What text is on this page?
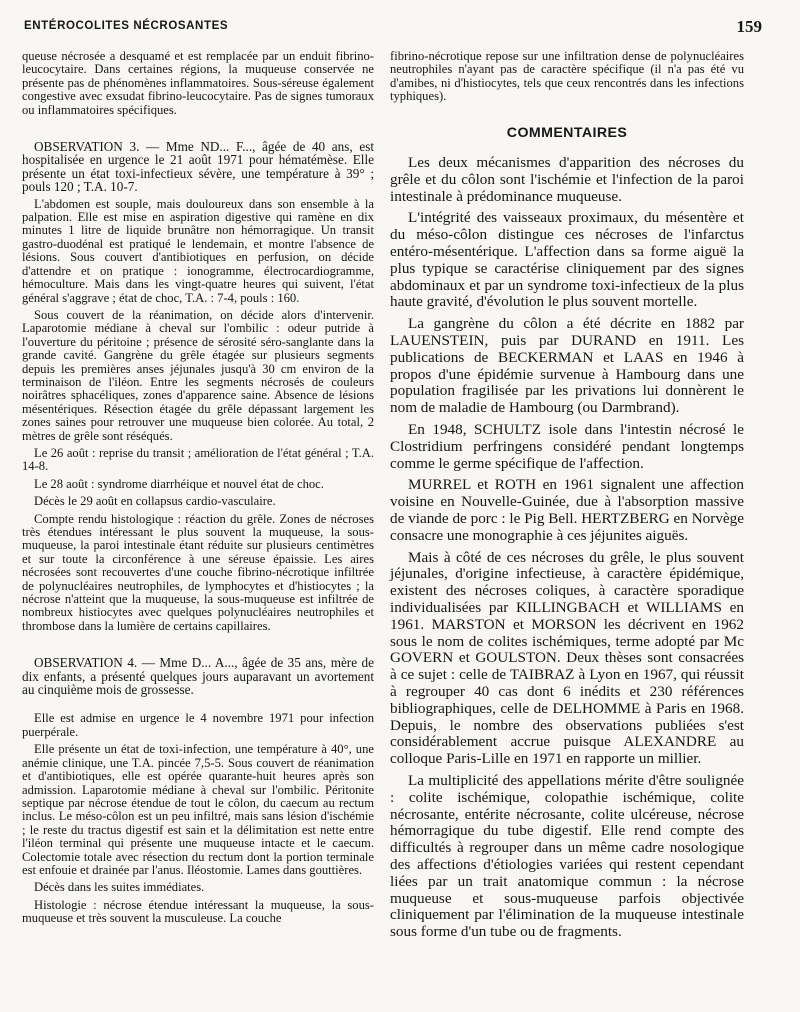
ENTÉROCOLITES NÉCROSANTES	159

queuse nécrosée a desquamé et est remplacée par un enduit fibrino-leucocytaire. Dans certaines régions, la muqueuse conservée ne présente pas de phénomènes inflammatoires. Sous-séreuse également congestive avec exsudat fibrino-leucocytaire. Pas de signes tumoraux ou inflammatoires spécifiques.

OBSERVATION 3. — Mme ND... F..., âgée de 40 ans, est hospitalisée en urgence le 21 août 1971 pour hématémèse. Elle présente un état toxi-infectieux sévère, une température à 39° ; pouls 120 ; T.A. 10-7.

L'abdomen est souple, mais douloureux dans son ensemble à la palpation. Elle est mise en aspiration digestive qui ramène en dix minutes 1 litre de liquide brunâtre non hémorragique. Un transit gastro-duodénal est pratiqué le lendemain, et montre l'absence de lésions. Sous couvert d'antibiotiques en perfusion, on décide d'attendre et on pratique : ionogramme, électrocardiogramme, hémoculture. Mais dans les vingt-quatre heures qui suivent, l'état général s'aggrave ; état de choc, T.A. : 7-4, pouls : 160.

Sous couvert de la réanimation, on décide alors d'intervenir. Laparotomie médiane à cheval sur l'ombilic : odeur putride à l'ouverture du péritoine ; présence de sérosité séro-sanglante dans la grande cavité. Gangrène du grêle étagée sur plusieurs segments depuis les premières anses jéjunales jusqu'à 30 cm environ de la terminaison de l'iléon. Entre les segments nécrosés de couleurs noirâtres sphacéliques, zones d'apparence saine. Absence de lésions mésentériques. Résection étagée du grêle dépassant largement les zones saines pour retrouver une muqueuse bien colorée. Au total, 2 mètres de grêle sont réséqués.

Le 26 août : reprise du transit ; amélioration de l'état général ; T.A. 14-8.

Le 28 août : syndrome diarrhéique et nouvel état de choc.

Décès le 29 août en collapsus cardio-vasculaire.

Compte rendu histologique : réaction du grêle. Zones de nécroses très étendues intéressant le plus souvent la muqueuse, la sous-muqueuse, la paroi intestinale étant réduite sur plusieurs centimètres et sur toute la circonférence à une séreuse épaissie. Les aires nécrosées sont recouvertes d'une couche fibrino-nécrotique infiltrée de polynucléaires neutrophiles, de lymphocytes et d'histiocytes ; la nécrose n'atteint que la muqueuse, la sous-muqueuse est infiltrée de nombreux histiocytes avec quelques polynucléaires neutrophiles et thrombose dans la lumière de certains capillaires.

OBSERVATION 4. — Mme D... A..., âgée de 35 ans, mère de dix enfants, a présenté quelques jours auparavant un avortement au cinquième mois de grossesse.

Elle est admise en urgence le 4 novembre 1971 pour infection puerpérale.

Elle présente un état de toxi-infection, une température à 40°, une anémie clinique, une T.A. pincée 7,5-5. Sous couvert de réanimation et d'antibiotiques, elle est opérée quarante-huit heures après son admission. Laparotomie médiane à cheval sur l'ombilic. Péritonite septique par nécrose étendue de tout le côlon, du caecum au rectum inclus. Le méso-côlon est un peu infiltré, mais sans lésion d'ischémie ; le reste du tractus digestif est sain et la délimitation est nette entre l'iléon terminal qui présente une muqueuse intacte et le caecum. Colectomie totale avec résection du rectum dont la portion terminale est enfouie et drainée par l'anus. Iléostomie. Lames dans gouttières.

Décès dans les suites immédiates.

Histologie : nécrose étendue intéressant la muqueuse, la sous-muqueuse et très souvent la musculeuse. La couche

fibrino-nécrotique repose sur une infiltration dense de polynucléaires neutrophiles n'ayant pas de caractère spécifique (il n'a pas été vu d'amibes, ni d'histiocytes, tels que ceux rencontrés dans les infections typhiques).

COMMENTAIRES

Les deux mécanismes d'apparition des nécroses du grêle et du côlon sont l'ischémie et l'infection de la paroi intestinale à prédominance muqueuse.

L'intégrité des vaisseaux proximaux, du mésentère et du méso-côlon distingue ces nécroses de l'infarctus entéro-mésentérique. L'affection dans sa forme aiguë la plus typique se caractérise cliniquement par des signes abdominaux et par un syndrome toxi-infectieux de la plus haute gravité, d'évolution le plus souvent mortelle.

La gangrène du côlon a été décrite en 1882 par LAUENSTEIN, puis par DURAND en 1911. Les publications de BECKERMAN et LAAS en 1946 à propos d'une épidémie survenue à Hambourg dans une population fragilisée par les privations lui donnèrent le nom de maladie de Hambourg (ou Darmbrand).

En 1948, SCHULTZ isole dans l'intestin nécrosé le Clostridium perfringens considéré pendant longtemps comme le germe spécifique de l'affection.

MURREL et ROTH en 1961 signalent une affection voisine en Nouvelle-Guinée, due à l'absorption massive de viande de porc : le Pig Bell. HERTZBERG en Norvège consacre une monographie à ces jéjunites aiguës.

Mais à côté de ces nécroses du grêle, le plus souvent jéjunales, d'origine infectieuse, à caractère épidémique, existent des nécroses coliques, à caractère sporadique individualisées par KILLINGBACH et WILLIAMS en 1961. MARSTON et MORSON les décrivent en 1962 sous le nom de colites ischémiques, terme adopté par Mc GOVERN et GOULSTON. Deux thèses sont consacrées à ce sujet : celle de TAIBRAZ à Lyon en 1967, qui réussit à regrouper 40 cas dont 6 inédits et 230 références bibliographiques, celle de DELHOMME à Paris en 1968. Depuis, le nombre des observations publiées s'est considérablement accrue puisque ALEXANDRE au colloque Paris-Lille en 1971 en rapporte un millier.

La multiplicité des appellations mérite d'être soulignée : colite ischémique, colopathie ischémique, colite nécrosante, entérite nécrosante, colite ulcéreuse, nécrose hémorragique du tube digestif. Elle rend compte des difficultés à regrouper dans un même cadre nosologique des affections d'étiologies variées qui restent cependant liées par un trait anatomique commun : la nécrose muqueuse et sous-muqueuse parfois objectivée cliniquement par l'élimination de la muqueuse intestinale sous forme d'un tube ou de fragments.
